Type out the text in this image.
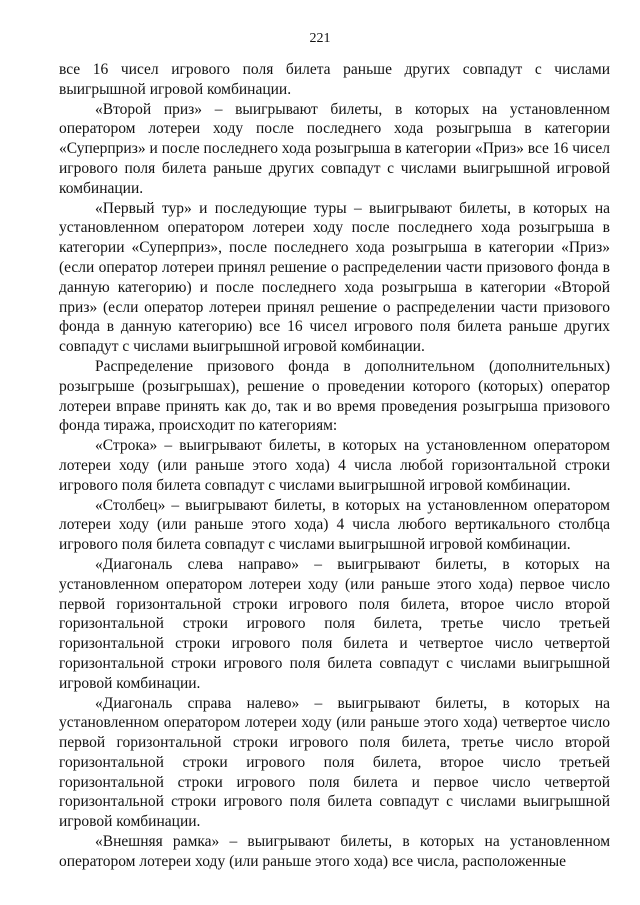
221

все 16 чисел игрового поля билета раньше других совпадут с числами выигрышной игровой комбинации.

«Второй приз» – выигрывают билеты, в которых на установленном оператором лотереи ходу после последнего хода розыгрыша в категории «Суперприз» и после последнего хода розыгрыша в категории «Приз» все 16 чисел игрового поля билета раньше других совпадут с числами выигрышной игровой комбинации.

«Первый тур» и последующие туры – выигрывают билеты, в которых на установленном оператором лотереи ходу после последнего хода розыгрыша в категории «Суперприз», после последнего хода розыгрыша в категории «Приз» (если оператор лотереи принял решение о распределении части призового фонда в данную категорию) и после последнего хода розыгрыша в категории «Второй приз» (если оператор лотереи принял решение о распределении части призового фонда в данную категорию) все 16 чисел игрового поля билета раньше других совпадут с числами выигрышной игровой комбинации.

Распределение призового фонда в дополнительном (дополнительных) розыгрыше (розыгрышах), решение о проведении которого (которых) оператор лотереи вправе принять как до, так и во время проведения розыгрыша призового фонда тиража, происходит по категориям:

«Строка» – выигрывают билеты, в которых на установленном оператором лотереи ходу (или раньше этого хода) 4 числа любой горизонтальной строки игрового поля билета совпадут с числами выигрышной игровой комбинации.

«Столбец» – выигрывают билеты, в которых на установленном оператором лотереи ходу (или раньше этого хода) 4 числа любого вертикального столбца игрового поля билета совпадут с числами выигрышной игровой комбинации.

«Диагональ слева направо» – выигрывают билеты, в которых на установленном оператором лотереи ходу (или раньше этого хода) первое число первой горизонтальной строки игрового поля билета, второе число второй горизонтальной строки игрового поля билета, третье число третьей горизонтальной строки игрового поля билета и четвертое число четвертой горизонтальной строки игрового поля билета совпадут с числами выигрышной игровой комбинации.

«Диагональ справа налево» – выигрывают билеты, в которых на установленном оператором лотереи ходу (или раньше этого хода) четвертое число первой горизонтальной строки игрового поля билета, третье число второй горизонтальной строки игрового поля билета, второе число третьей горизонтальной строки игрового поля билета и первое число четвертой горизонтальной строки игрового поля билета совпадут с числами выигрышной игровой комбинации.

«Внешняя рамка» – выигрывают билеты, в которых на установленном оператором лотереи ходу (или раньше этого хода) все числа, расположенные
